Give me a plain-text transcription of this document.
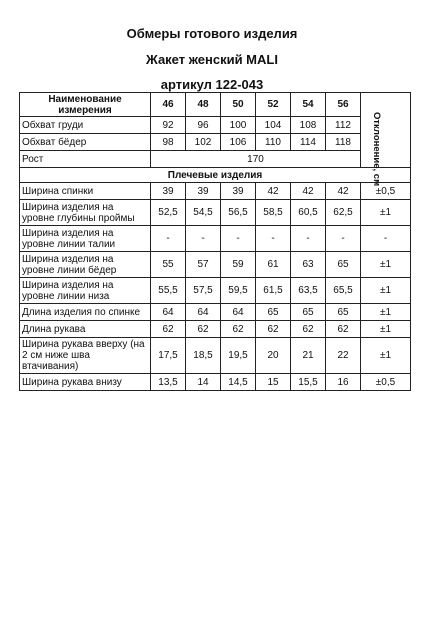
Обмеры готового изделия
Жакет женский MALI
артикул 122-043
Наименование измерения	46	48	50	52	54	56	Отклонение, см

Обхват груди	92	96	100	104	108	112	
Обхват бёдер	98	102	106	110	114	118	
Рост	170						
Плечевые изделия							
Ширина спинки	39	39	39	42	42	42	±0,5
Ширина изделия на уровне глубины проймы	52,5	54,5	56,5	58,5	60,5	62,5	±1
Ширина изделия на уровне линии талии	-	-	-	-	-	-	-
Ширина изделия на уровне линии бёдер	55	57	59	61	63	65	±1
Ширина изделия на уровне линии низа	55,5	57,5	59,5	61,5	63,5	65,5	±1
Длина изделия по спинке	64	64	64	65	65	65	±1
Длина рукава	62	62	62	62	62	62	±1
Ширина рукава вверху (на 2 см ниже шва втачивания)	17,5	18,5	19,5	20	21	22	±1
Ширина рукава внизу	13,5	14	14,5	15	15,5	16	±0,5
